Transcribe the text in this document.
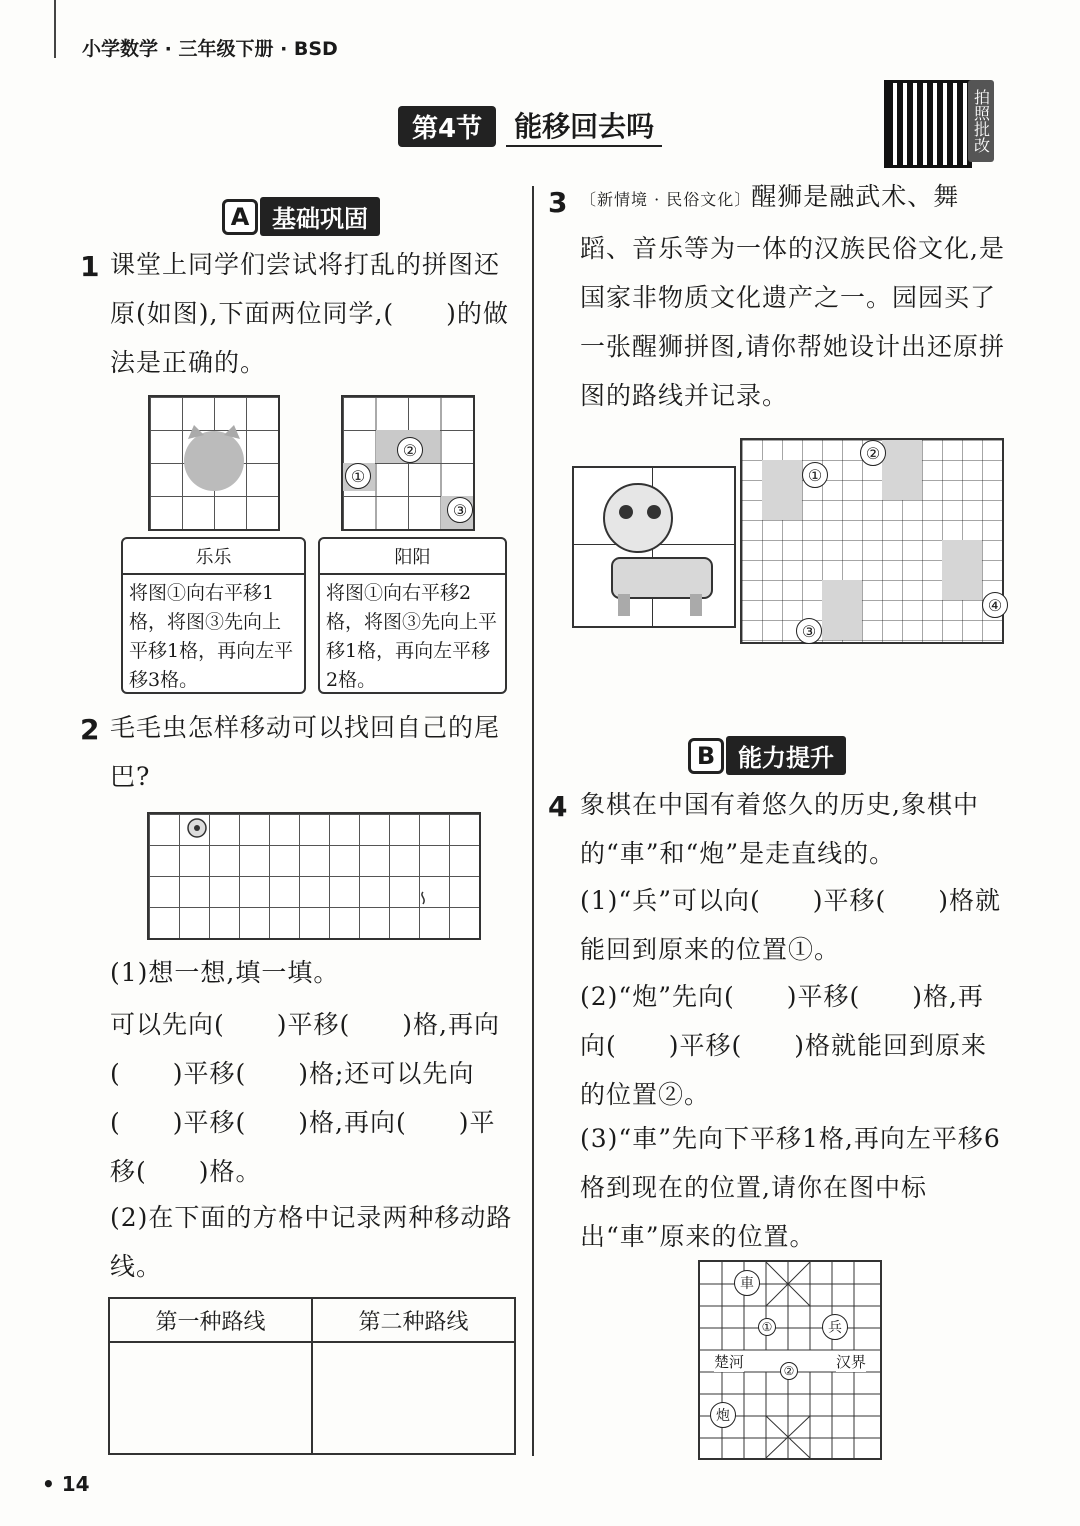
小学数学 · 三年级下册 · BSD
第4节	能移回去吗	拍照批改
A 基础巩固
1 课堂上同学们尝试将打乱的拼图还原(如图),下面两位同学,(　　)的做法是正确的。
①
②
③
乐乐
将图①向右平移1格，将图③先向上平移1格，再向左平移3格。
阳阳
将图①向右平移2格，将图③先向上平移1格，再向左平移2格。
2 毛毛虫怎样移动可以找回自己的尾巴?
(1)想一想,填一填。
可以先向(　　)平移(　　)格,再向(　　)平移(　　)格;还可以先向(　　)平移(　　)格,再向(　　)平移(　　)格。
(2)在下面的方格中记录两种移动路线。
第一种路线	第二种路线

3 〔新情境 · 民俗文化〕醒狮是融武术、舞蹈、音乐等为一体的汉族民俗文化,是国家非物质文化遗产之一。园园买了一张醒狮拼图,请你帮她设计出还原拼图的路线并记录。
①
②
③
④
B 能力提升
4 象棋在中国有着悠久的历史,象棋中的“車”和“炮”是走直线的。
(1)“兵”可以向(　　)平移(　　)格就能回到原来的位置①。
(2)“炮”先向(　　)平移(　　)格,再向(　　)平移(　　)格就能回到原来的位置②。
(3)“車”先向下平移1格,再向左平移6格到现在的位置,请你在图中标出“車”原来的位置。
車
兵
炮
①
②
楚河	汉界
• 14
